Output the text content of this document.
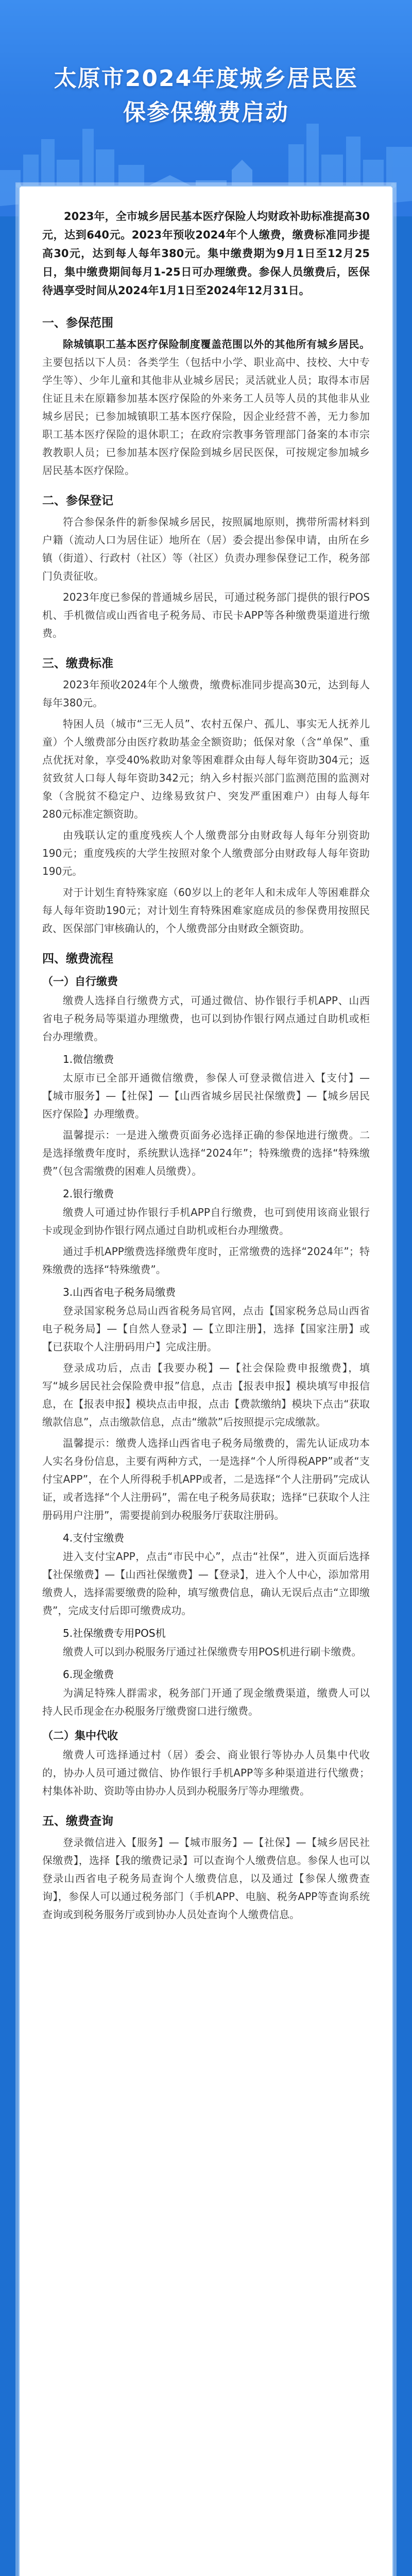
太原市2024年度城乡居民医
保参保缴费启动

2023年，全市城乡居民基本医疗保险人均财政补助标准提高30元，达到640元。2023年预收2024年个人缴费，缴费标准同步提高30元，达到每人每年380元。集中缴费期为9月1日至12月25日，集中缴费期间每月1-25日可办理缴费。参保人员缴费后，医保待遇享受时间从2024年1月1日至2024年12月31日。

一、参保范围

除城镇职工基本医疗保险制度覆盖范围以外的其他所有城乡居民。主要包括以下人员：各类学生（包括中小学、职业高中、技校、大中专学生等）、少年儿童和其他非从业城乡居民；灵活就业人员；取得本市居住证且未在原籍参加基本医疗保险的外来务工人员等人员的其他非从业城乡居民；已参加城镇职工基本医疗保险，因企业经营不善，无力参加职工基本医疗保险的退休职工；在政府宗教事务管理部门备案的本市宗教教职人员；已参加基本医疗保险到城乡居民医保，可按规定参加城乡居民基本医疗保险。

二、参保登记

符合参保条件的新参保城乡居民，按照属地原则，携带所需材料到户籍（流动人口为居住证）地所在（居）委会提出参保申请，由所在乡镇（街道）、行政村（社区）等（社区）负责办理参保登记工作，税务部门负责征收。

2023年度已参保的普通城乡居民，可通过税务部门提供的银行POS机、手机微信或山西省电子税务局、市民卡APP等各种缴费渠道进行缴费。

三、缴费标准

2023年预收2024年个人缴费，缴费标准同步提高30元，达到每人每年380元。

特困人员（城市“三无人员”、农村五保户、孤儿、事实无人抚养儿童）个人缴费部分由医疗救助基金全额资助；低保对象（含“单保”、重点优抚对象，享受40%救助对象等困难群众由每人每年资助304元；返贫致贫人口每人每年资助342元；纳入乡村振兴部门监测范围的监测对象（含脱贫不稳定户、边缘易致贫户、突发严重困难户）由每人每年280元标准定额资助。

由残联认定的重度残疾人个人缴费部分由财政每人每年分别资助190元；重度残疾的大学生按照对象个人缴费部分由财政每人每年资助190元。

对于计划生育特殊家庭（60岁以上的老年人和未成年人等困难群众每人每年资助190元；对计划生育特殊困难家庭成员的参保费用按照民政、医保部门审核确认的，个人缴费部分由财政全额资助。

四、缴费流程
（一）自行缴费

缴费人选择自行缴费方式，可通过微信、协作银行手机APP、山西省电子税务局等渠道办理缴费，也可以到协作银行网点通过自助机或柜台办理缴费。

1.微信缴费

太原市已全部开通微信缴费，参保人可登录微信进入【支付】—【城市服务】—【社保】—【山西省城乡居民社保缴费】—【城乡居民医疗保险】办理缴费。

温馨提示：一是进入缴费页面务必选择正确的参保地进行缴费。二是选择缴费年度时，系统默认选择“2024年”；特殊缴费的选择“特殊缴费”（包含需缴费的困难人员缴费）。

2.银行缴费

缴费人可通过协作银行手机APP自行缴费，也可到使用该商业银行卡或现金到协作银行网点通过自助机或柜台办理缴费。

通过手机APP缴费选择缴费年度时，正常缴费的选择“2024年”；特殊缴费的选择“特殊缴费”。

3.山西省电子税务局缴费

登录国家税务总局山西省税务局官网，点击【国家税务总局山西省电子税务局】—【自然人登录】—【立即注册】，选择【国家注册】或【已获取个人注册码用户】完成注册。

登录成功后，点击【我要办税】—【社会保险费申报缴费】，填写“城乡居民社会保险费申报”信息，点击【报表申报】模块填写申报信息，在【报表申报】模块点击申报，点击【费款缴纳】模块下点击“获取缴款信息”，点击缴款信息，点击“缴款”后按照提示完成缴款。

温馨提示：缴费人选择山西省电子税务局缴费的，需先认证成功本人实名身份信息，主要有两种方式，一是选择“个人所得税APP”或者“支付宝APP”，在个人所得税手机APP或者，二是选择“个人注册码”完成认证，或者选择“个人注册码”，需在电子税务局获取；选择“已获取个人注册码用户注册”，需要提前到办税服务厅获取注册码。

4.支付宝缴费

进入支付宝APP，点击“市民中心”，点击“社保”，进入页面后选择【社保缴费】—【山西社保缴费】—【登录】，进入个人中心，添加常用缴费人，选择需要缴费的险种，填写缴费信息，确认无误后点击“立即缴费”，完成支付后即可缴费成功。

5.社保缴费专用POS机

缴费人可以到办税服务厅通过社保缴费专用POS机进行刷卡缴费。

6.现金缴费

为满足特殊人群需求，税务部门开通了现金缴费渠道，缴费人可以持人民币现金在办税服务厅缴费窗口进行缴费。

（二）集中代收

缴费人可选择通过村（居）委会、商业银行等协办人员集中代收的，协办人员可通过微信、协作银行手机APP等多种渠道进行代缴费；村集体补助、资助等由协办人员到办税服务厅等办理缴费。

五、缴费查询

登录微信进入【服务】—【城市服务】—【社保】—【城乡居民社保缴费】，选择【我的缴费记录】可以查询个人缴费信息。参保人也可以登录山西省电子税务局查询个人缴费信息，以及通过【参保人缴费查询】，参保人可以通过税务部门（手机APP、电脑、税务APP等查询系统查询或到税务服务厅或到协办人员处查询个人缴费信息。
